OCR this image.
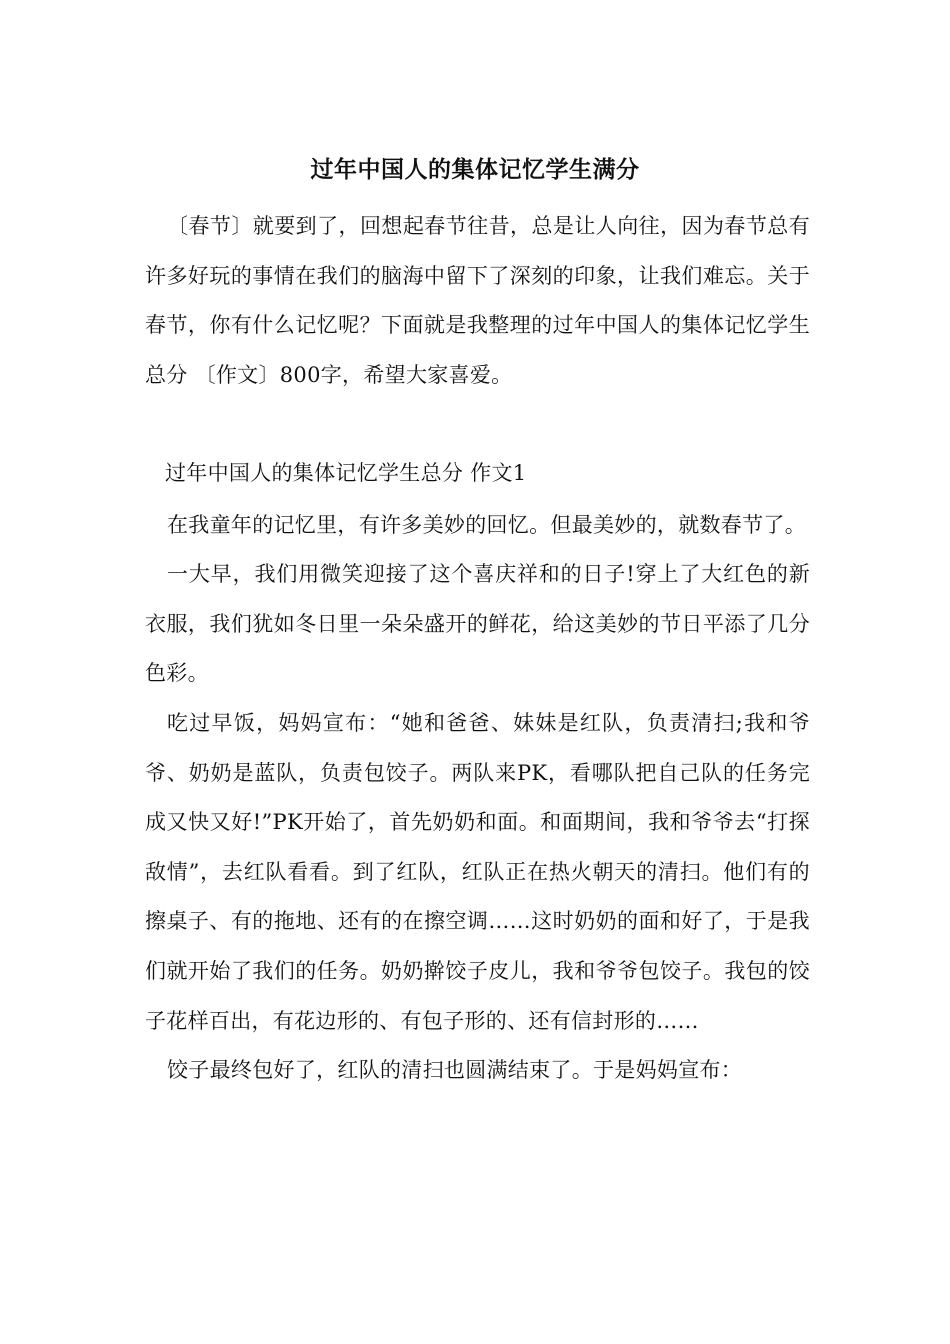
过年中国人的集体记忆学生满分

〔春节〕就要到了，回想起春节往昔，总是让人向往，因为春节总有许多好玩的事情在我们的脑海中留下了深刻的印象，让我们难忘。关于春节，你有什么记忆呢？下面就是我整理的过年中国人的集体记忆学生总分 〔作文〕800字，希望大家喜爱。

过年中国人的集体记忆学生总分 作文1

在我童年的记忆里，有许多美妙的回忆。但最美妙的，就数春节了。

一大早，我们用微笑迎接了这个喜庆祥和的日子!穿上了大红色的新衣服，我们犹如冬日里一朵朵盛开的鲜花，给这美妙的节日平添了几分色彩。

吃过早饭，妈妈宣布：“她和爸爸、妹妹是红队，负责清扫;我和爷爷、奶奶是蓝队，负责包饺子。两队来PK，看哪队把自己队的任务完成又快又好!”PK开始了，首先奶奶和面。和面期间，我和爷爷去“打探敌情”，去红队看看。到了红队，红队正在热火朝天的清扫。他们有的擦桌子、有的拖地、还有的在擦空调……这时奶奶的面和好了，于是我们就开始了我们的任务。奶奶擀饺子皮儿，我和爷爷包饺子。我包的饺子花样百出，有花边形的、有包子形的、还有信封形的……

饺子最终包好了，红队的清扫也圆满结束了。于是妈妈宣布：
